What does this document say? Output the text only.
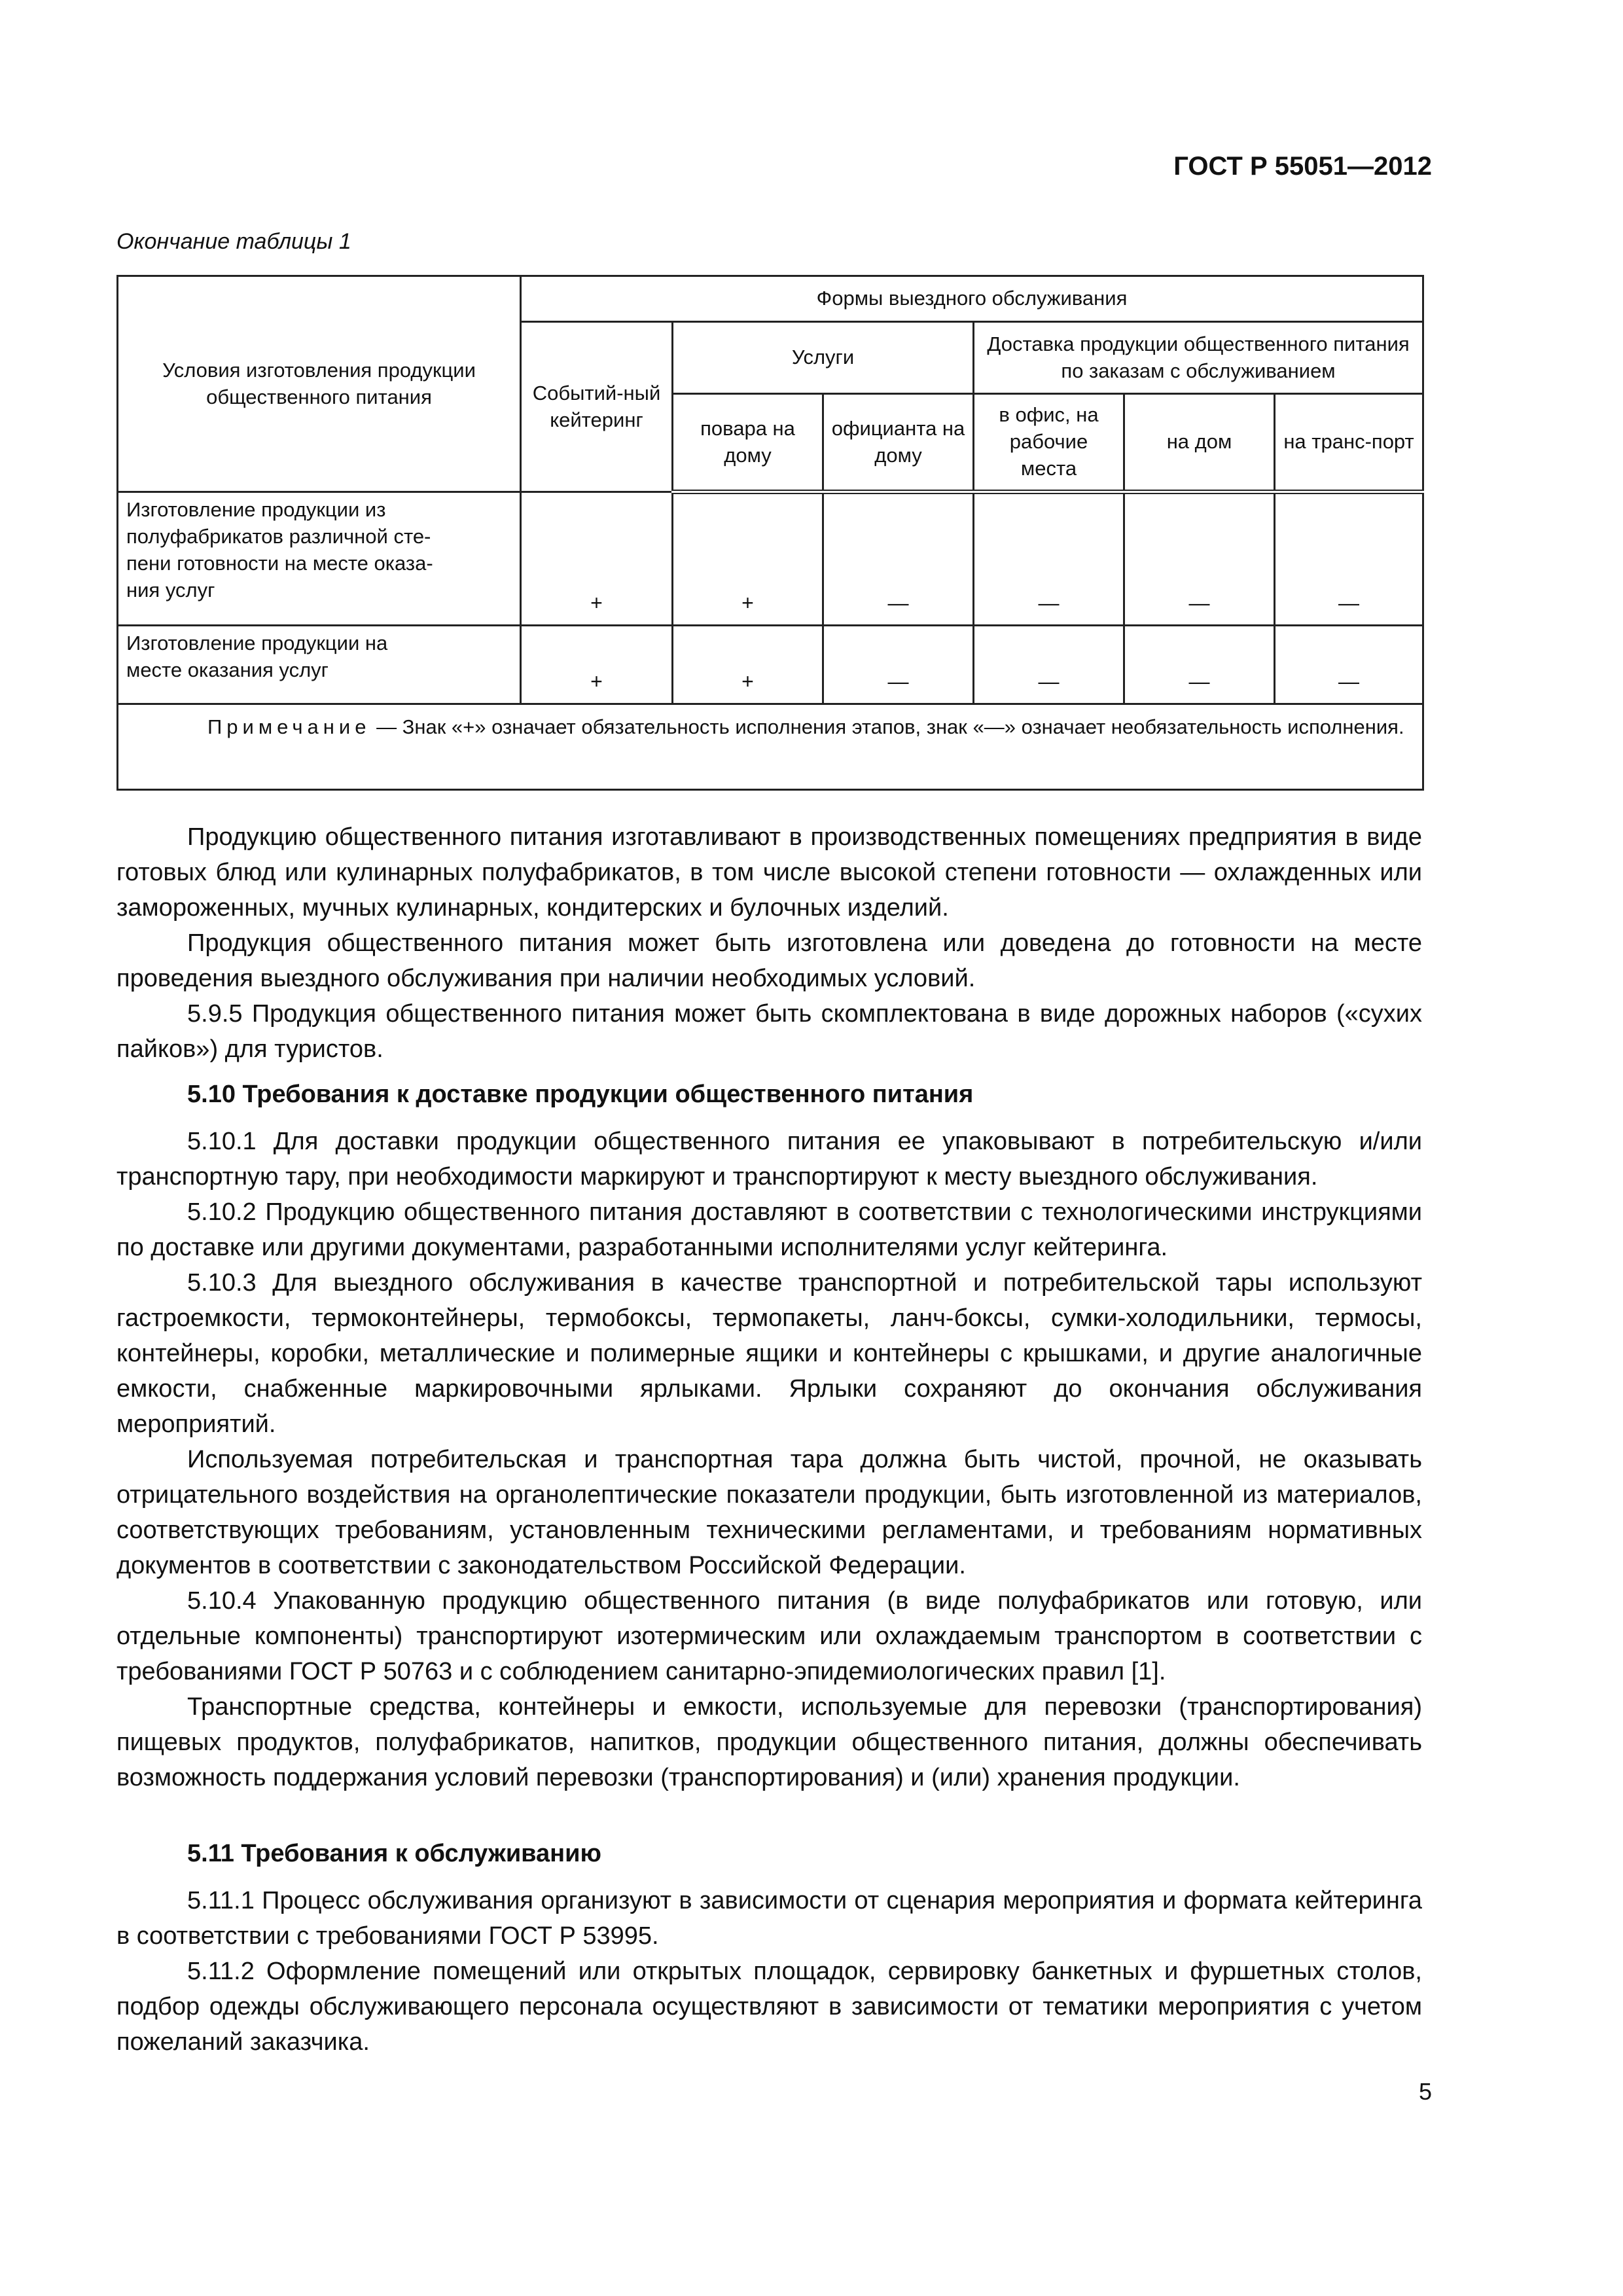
ГОСТ Р 55051—2012
Окончание таблицы 1
Условия изготовления продукции общественного питания	Формы выездного обслуживания					
	Событий-ный кейтеринг	Услуги		Доставка продукции общественного питания по заказам с обслуживанием		
		повара на дому	официанта на дому	в офис, на рабочие места	на дом	на транс-порт

Изготовление продукции из
полуфабрикатов различной сте-
пени готовности на месте оказа-
ния услуг	+	+	—	—	—	—

Изготовление продукции на
месте оказания услуг	+	+	—	—	—	—
Примечание — Знак «+» означает обязательность исполнения этапов, знак «—» означает необязательность исполнения.						

Продукцию общественного питания изготавливают в производственных помещениях предприятия в виде готовых блюд или кулинарных полуфабрикатов, в том числе высокой степени готовности — охлажденных или замороженных, мучных кулинарных, кондитерских и булочных изделий.

Продукция общественного питания может быть изготовлена или доведена до готовности на месте проведения выездного обслуживания при наличии необходимых условий.

5.9.5 Продукция общественного питания может быть скомплектована в виде дорожных наборов («сухих пайков») для туристов.

5.10 Требования к доставке продукции общественного питания

5.10.1 Для доставки продукции общественного питания ее упаковывают в потребительскую и/или транспортную тару, при необходимости маркируют и транспортируют к месту выездного обслуживания.

5.10.2 Продукцию общественного питания доставляют в соответствии с технологическими инструкциями по доставке или другими документами, разработанными исполнителями услуг кейтеринга.

5.10.3 Для выездного обслуживания в качестве транспортной и потребительской тары используют гастроемкости, термоконтейнеры, термобоксы, термопакеты, ланч-боксы, сумки-холодильники, термосы, контейнеры, коробки, металлические и полимерные ящики и контейнеры с крышками, и другие аналогичные емкости, снабженные маркировочными ярлыками. Ярлыки сохраняют до окончания обслуживания мероприятий.

Используемая потребительская и транспортная тара должна быть чистой, прочной, не оказывать отрицательного воздействия на органолептические показатели продукции, быть изготовленной из материалов, соответствующих требованиям, установленным техническими регламентами, и требованиям нормативных документов в соответствии с законодательством Российской Федерации.

5.10.4 Упакованную продукцию общественного питания (в виде полуфабрикатов или готовую, или отдельные компоненты) транспортируют изотермическим или охлаждаемым транспортом в соответствии с требованиями ГОСТ Р 50763 и с соблюдением санитарно-эпидемиологических правил [1].

Транспортные средства, контейнеры и емкости, используемые для перевозки (транспортирования) пищевых продуктов, полуфабрикатов, напитков, продукции общественного питания, должны обеспечивать возможность поддержания условий перевозки (транспортирования) и (или) хранения продукции.

5.11 Требования к обслуживанию

5.11.1 Процесс обслуживания организуют в зависимости от сценария мероприятия и формата кейтеринга в соответствии с требованиями ГОСТ Р 53995.

5.11.2 Оформление помещений или открытых площадок, сервировку банкетных и фуршетных столов, подбор одежды обслуживающего персонала осуществляют в зависимости от тематики мероприятия с учетом пожеланий заказчика.

5
